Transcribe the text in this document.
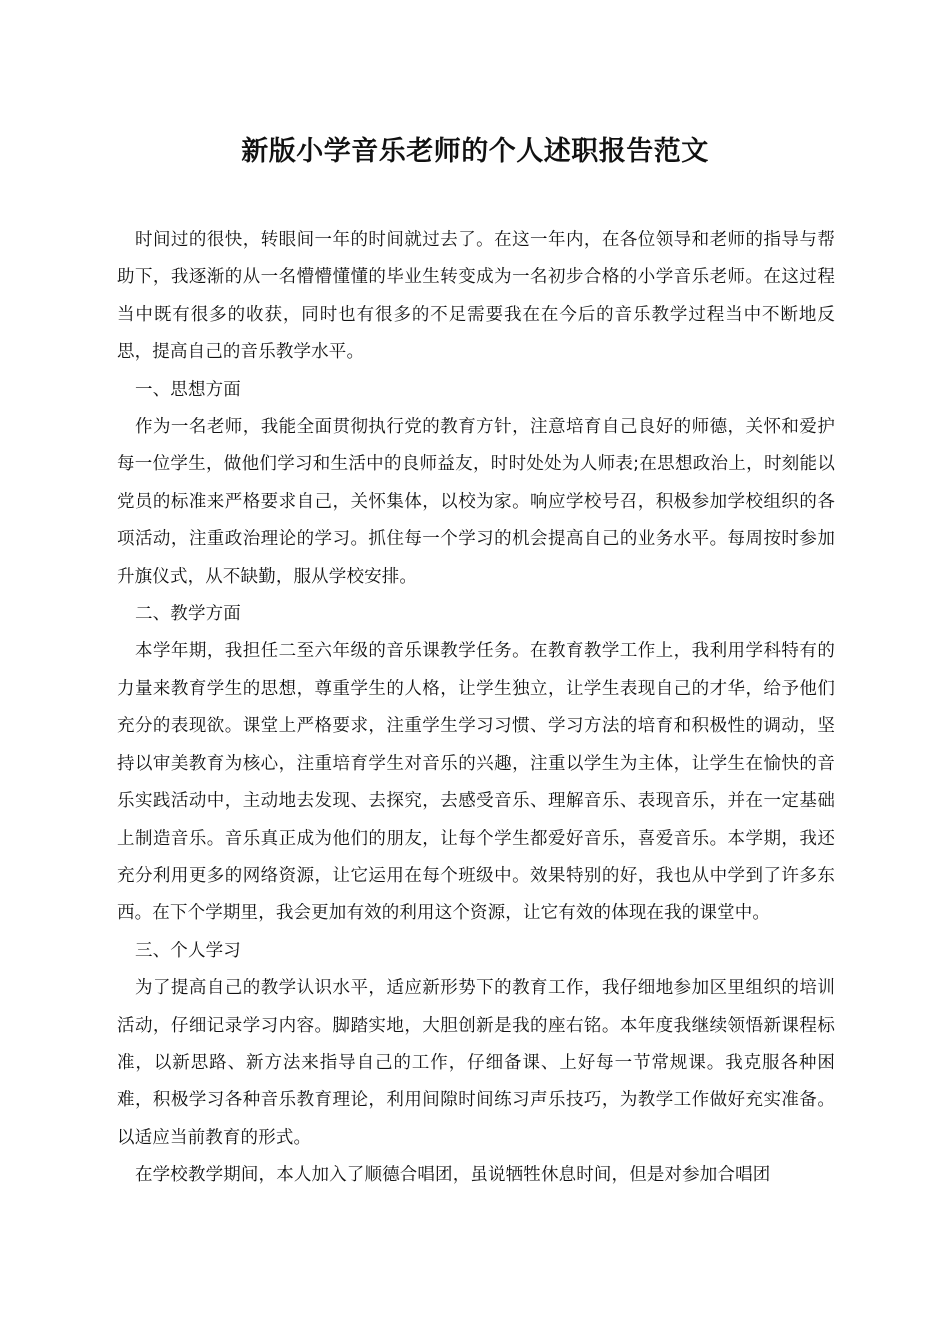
新版小学音乐老师的个人述职报告范文

时间过的很快，转眼间一年的时间就过去了。在这一年内，在各位领导和老师的指导与帮助下，我逐渐的从一名懵懵懂懂的毕业生转变成为一名初步合格的小学音乐老师。在这过程当中既有很多的收获，同时也有很多的不足需要我在在今后的音乐教学过程当中不断地反思，提高自己的音乐教学水平。

一、思想方面

作为一名老师，我能全面贯彻执行党的教育方针，注意培育自己良好的师德，关怀和爱护每一位学生，做他们学习和生活中的良师益友，时时处处为人师表;在思想政治上，时刻能以党员的标准来严格要求自己，关怀集体，以校为家。响应学校号召，积极参加学校组织的各项活动，注重政治理论的学习。抓住每一个学习的机会提高自己的业务水平。每周按时参加升旗仪式，从不缺勤，服从学校安排。

二、教学方面

本学年期，我担任二至六年级的音乐课教学任务。在教育教学工作上，我利用学科特有的力量来教育学生的思想，尊重学生的人格，让学生独立，让学生表现自己的才华，给予他们充分的表现欲。课堂上严格要求，注重学生学习习惯、学习方法的培育和积极性的调动，坚持以审美教育为核心，注重培育学生对音乐的兴趣，注重以学生为主体，让学生在愉快的音乐实践活动中，主动地去发现、去探究，去感受音乐、理解音乐、表现音乐，并在一定基础上制造音乐。音乐真正成为他们的朋友，让每个学生都爱好音乐，喜爱音乐。本学期，我还充分利用更多的网络资源，让它运用在每个班级中。效果特别的好，我也从中学到了许多东西。在下个学期里，我会更加有效的利用这个资源，让它有效的体现在我的课堂中。

三、个人学习

为了提高自己的教学认识水平，适应新形势下的教育工作，我仔细地参加区里组织的培训活动，仔细记录学习内容。脚踏实地，大胆创新是我的座右铭。本年度我继续领悟新课程标准，以新思路、新方法来指导自己的工作，仔细备课、上好每一节常规课。我克服各种困难，积极学习各种音乐教育理论，利用间隙时间练习声乐技巧，为教学工作做好充实准备。以适应当前教育的形式。

在学校教学期间，本人加入了顺德合唱团，虽说牺牲休息时间，但是对参加合唱团
